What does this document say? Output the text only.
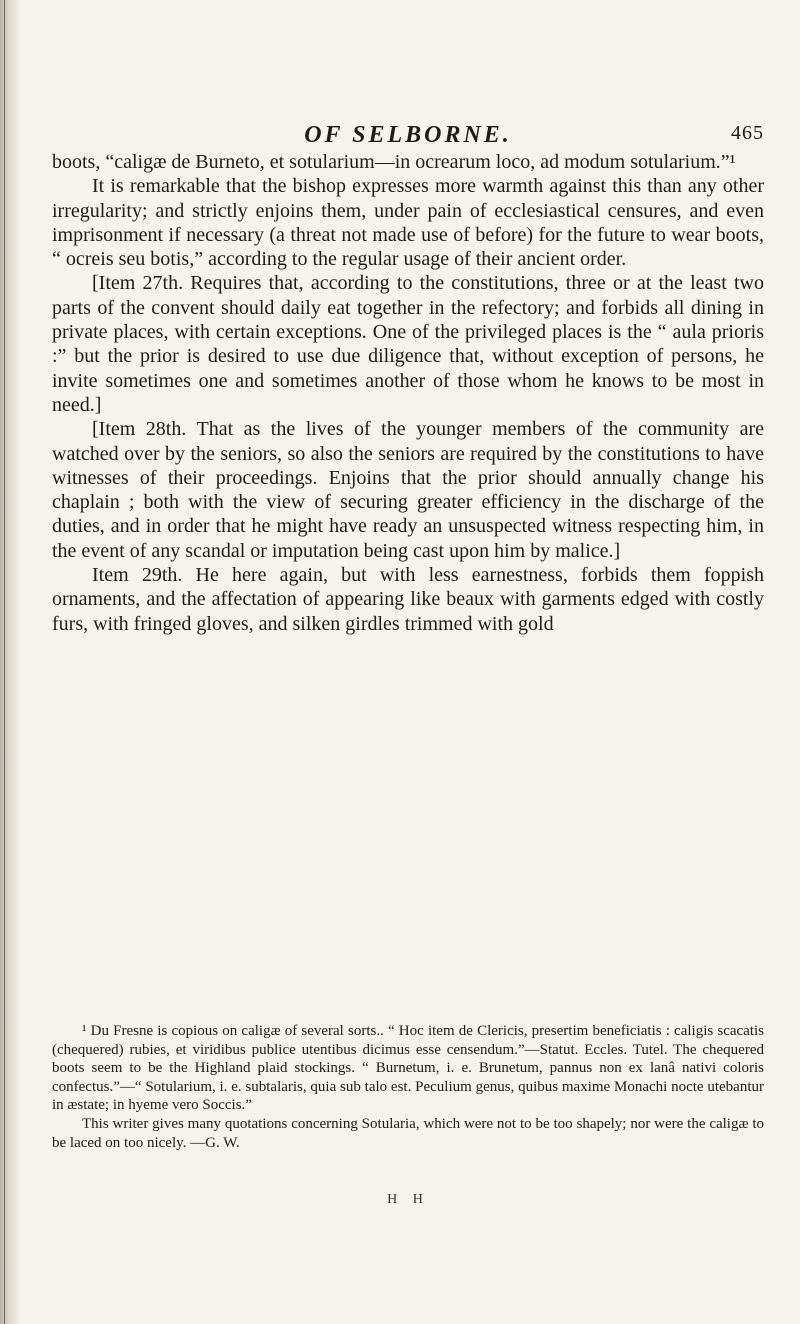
OF SELBORNE.	465

boots, “caligæ de Burneto, et sotularium—in ocrearum loco, ad modum sotularium.”¹

It is remarkable that the bishop expresses more warmth against this than any other irregularity; and strictly enjoins them, under pain of ecclesiastical censures, and even imprisonment if necessary (a threat not made use of before) for the future to wear boots, “ ocreis seu botis,” according to the regular usage of their ancient order.

[Item 27th. Requires that, according to the constitutions, three or at the least two parts of the convent should daily eat together in the refectory; and forbids all dining in private places, with certain exceptions. One of the privileged places is the “ aula prioris :” but the prior is desired to use due diligence that, without exception of persons, he invite sometimes one and sometimes another of those whom he knows to be most in need.]

[Item 28th. That as the lives of the younger members of the community are watched over by the seniors, so also the seniors are required by the constitutions to have witnesses of their proceedings. Enjoins that the prior should annually change his chaplain ; both with the view of securing greater efficiency in the discharge of the duties, and in order that he might have ready an unsuspected witness respecting him, in the event of any scandal or imputation being cast upon him by malice.]

Item 29th. He here again, but with less earnestness, forbids them foppish ornaments, and the affectation of appearing like beaux with garments edged with costly furs, with fringed gloves, and silken girdles trimmed with gold

¹ Du Fresne is copious on caligæ of several sorts.. “ Hoc item de Clericis, presertim beneficiatis : caligis scacatis (chequered) rubies, et viridibus publice utentibus dicimus esse censendum.”—Statut. Eccles. Tutel. The chequered boots seem to be the Highland plaid stockings. “ Burnetum, i. e. Brunetum, pannus non ex lanâ nativi coloris confectus.”—“ Sotularium, i. e. subtalaris, quia sub talo est. Peculium genus, quibus maxime Monachi nocte utebantur in æstate; in hyeme vero Soccis.”

This writer gives many quotations concerning Sotularia, which were not to be too shapely; nor were the caligæ to be laced on too nicely. —G. W.

H H
